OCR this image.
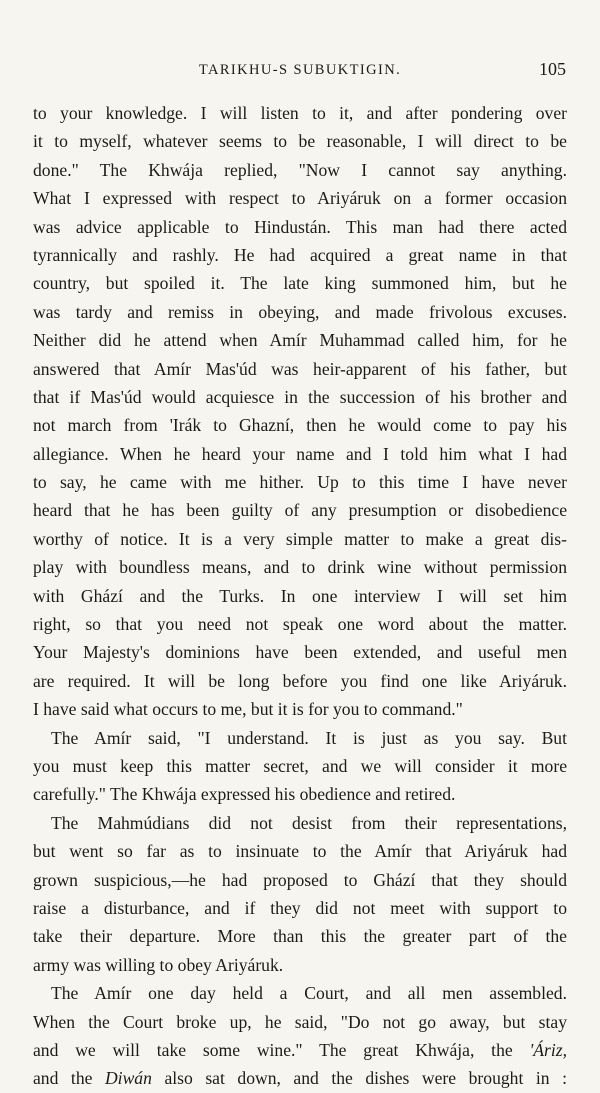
TARIKHU-S SUBUKTIGIN.	105
to your knowledge. I will listen to it, and after pondering over
it to myself, whatever seems to be reasonable, I will direct to be
done." The Khwája replied, "Now I cannot say anything.
What I expressed with respect to Ariyáruk on a former occasion
was advice applicable to Hindustán. This man had there acted
tyrannically and rashly. He had acquired a great name in that
country, but spoiled it. The late king summoned him, but he
was tardy and remiss in obeying, and made frivolous excuses.
Neither did he attend when Amír Muhammad called him, for he
answered that Amír Mas'úd was heir-apparent of his father, but
that if Mas'úd would acquiesce in the succession of his brother and
not march from 'Irák to Ghazní, then he would come to pay his
allegiance. When he heard your name and I told him what I had
to say, he came with me hither. Up to this time I have never
heard that he has been guilty of any presumption or disobedience
worthy of notice. It is a very simple matter to make a great dis-
play with boundless means, and to drink wine without permission
with Ghází and the Turks. In one interview I will set him
right, so that you need not speak one word about the matter.
Your Majesty's dominions have been extended, and useful men
are required. It will be long before you find one like Ariyáruk.
I have said what occurs to me, but it is for you to command."
The Amír said, "I understand. It is just as you say. But
you must keep this matter secret, and we will consider it more
carefully." The Khwája expressed his obedience and retired.
The Mahmúdians did not desist from their representations,
but went so far as to insinuate to the Amír that Ariyáruk had
grown suspicious,—he had proposed to Ghází that they should
raise a disturbance, and if they did not meet with support to
take their departure. More than this the greater part of the
army was willing to obey Ariyáruk.
The Amír one day held a Court, and all men assembled.
When the Court broke up, he said, "Do not go away, but stay
and we will take some wine." The great Khwája, the 'Áriz,
and the Diwán also sat down, and the dishes were brought in :
